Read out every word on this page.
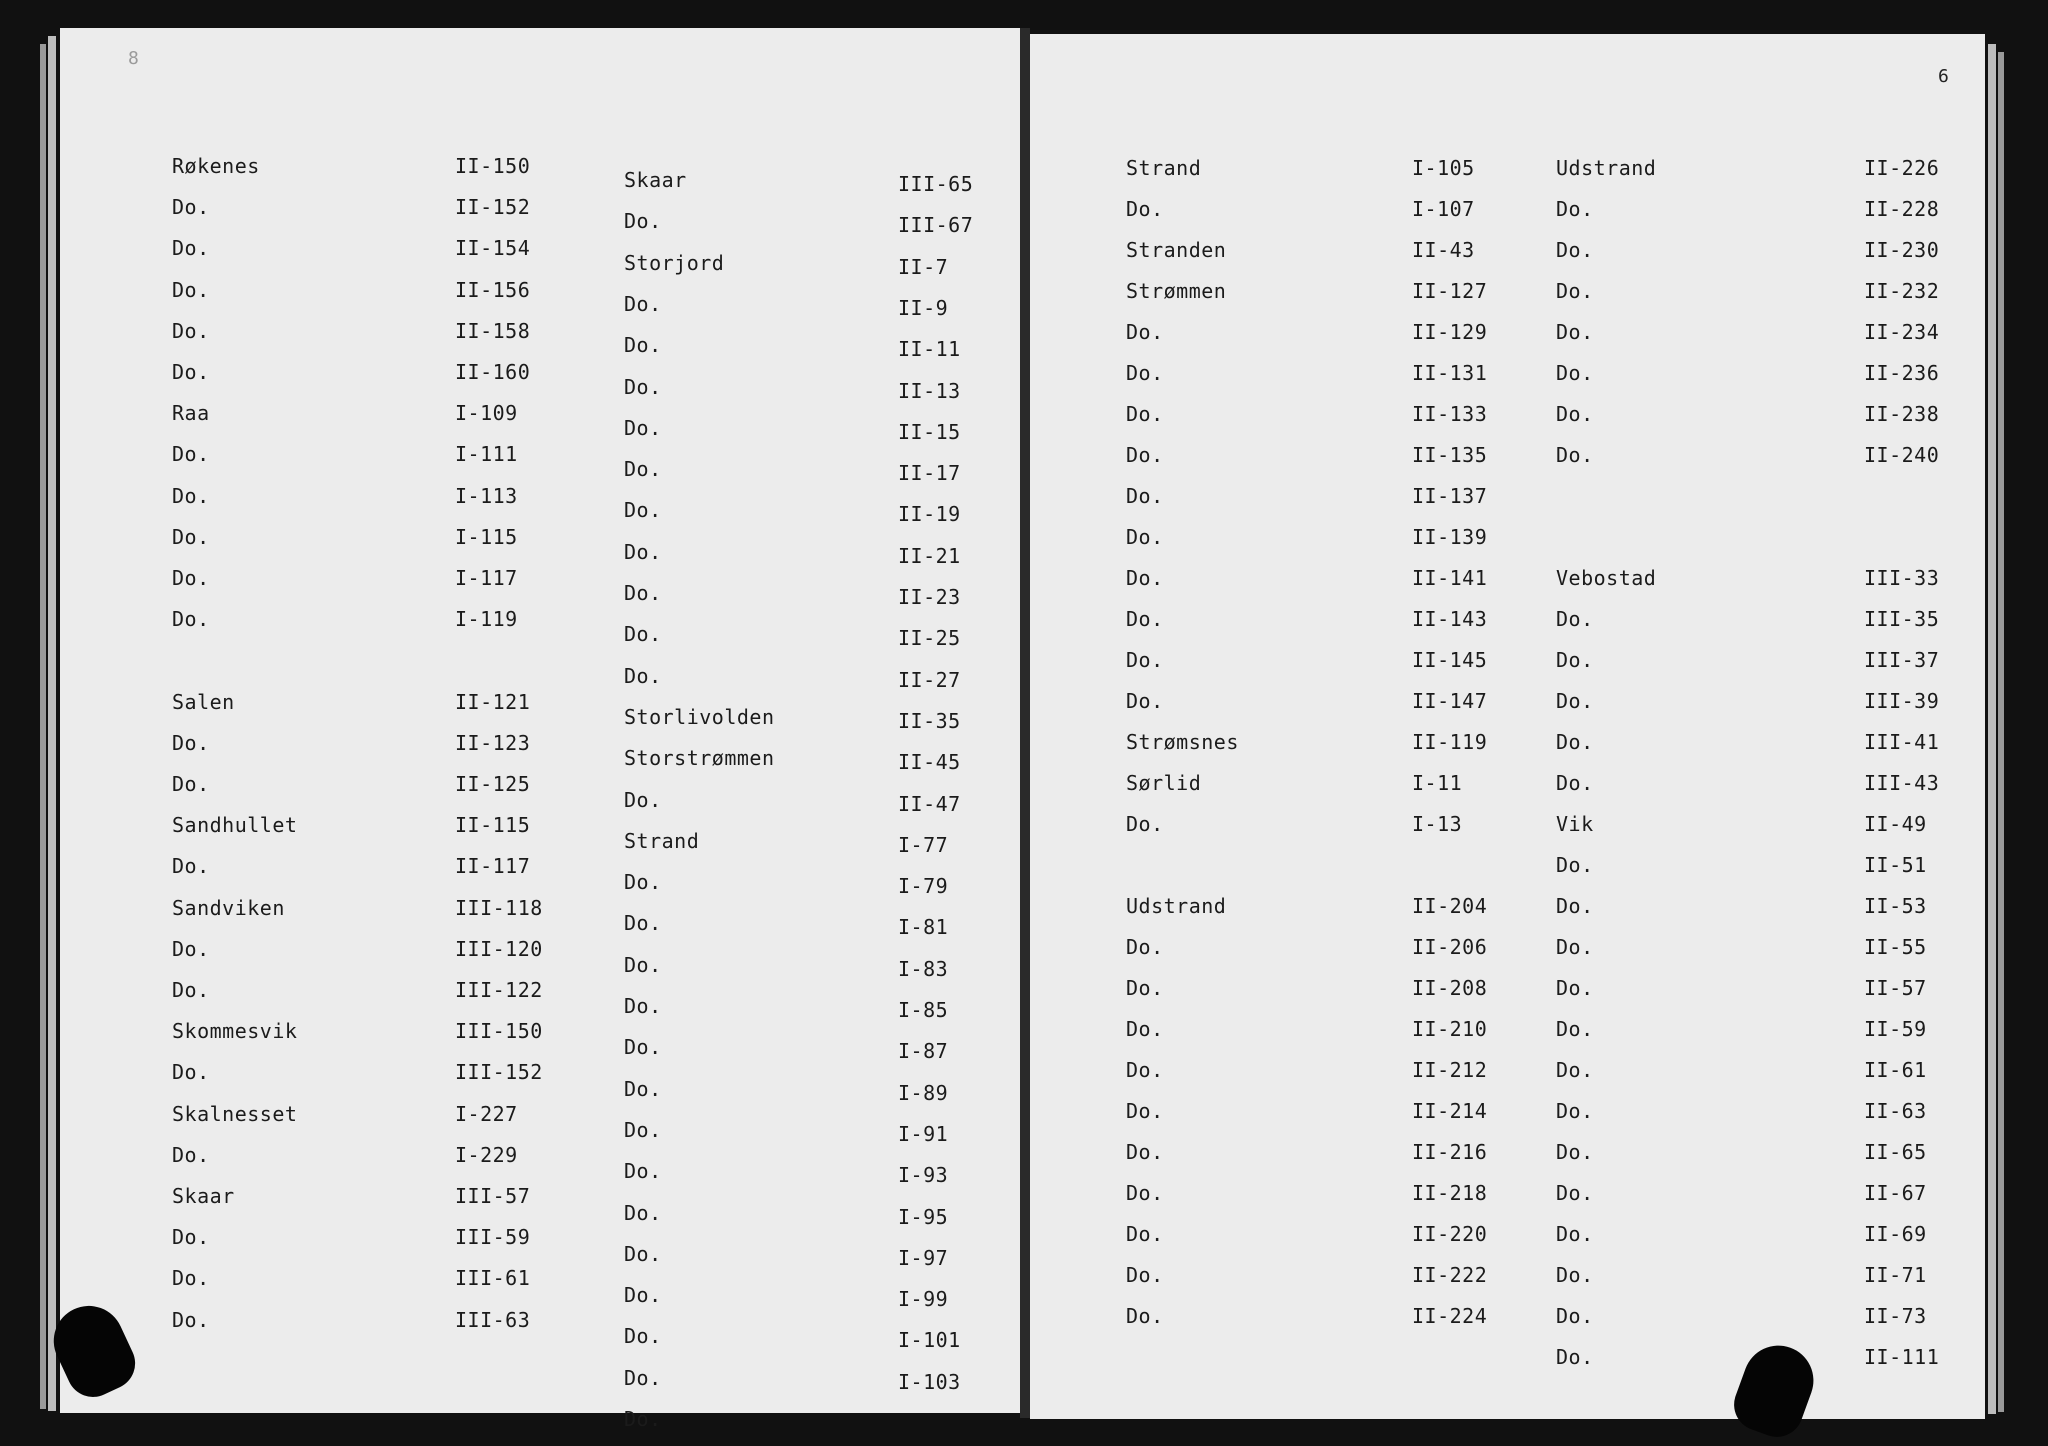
8
6
Røkenes	II-150
Do.	II-152
Do.	II-154
Do.	II-156
Do.	II-158
Do.	II-160
Raa	I-109
Do.	I-111
Do.	I-113
Do.	I-115
Do.	I-117
Do.	I-119
Salen	II-121
Do.	II-123
Do.	II-125
Sandhullet	II-115
Do.	II-117
Sandviken	III-118
Do.	III-120
Do.	III-122
Skommesvik	III-150
Do.	III-152
Skalnesset	I-227
Do.	I-229
Skaar	III-57
Do.	III-59
Do.	III-61
Do.	III-63
Skaar	III-65
Do.	III-67
Storjord	II-7
Do.	II-9
Do.	II-11
Do.	II-13
Do.	II-15
Do.	II-17
Do.	II-19
Do.	II-21
Do.	II-23
Do.	II-25
Do.	II-27
Storlivolden	II-35
Storstrømmen	II-45
Do.	II-47
Strand	I-77
Do.	I-79
Do.	I-81
Do.	I-83
Do.	I-85
Do.	I-87
Do.	I-89
Do.	I-91
Do.	I-93
Do.	I-95
Do.	I-97
Do.	I-99
Do.	I-101
Do.	I-103
Do.
Strand	I-105
Do.	I-107
Stranden	II-43
Strømmen	II-127
Do.	II-129
Do.	II-131
Do.	II-133
Do.	II-135
Do.	II-137
Do.	II-139
Do.	II-141
Do.	II-143
Do.	II-145
Do.	II-147
Strømsnes	II-119
Sørlid	I-11
Do.	I-13
Udstrand	II-204
Do.	II-206
Do.	II-208
Do.	II-210
Do.	II-212
Do.	II-214
Do.	II-216
Do.	II-218
Do.	II-220
Do.	II-222
Do.	II-224
Udstrand	II-226
Do.	II-228
Do.	II-230
Do.	II-232
Do.	II-234
Do.	II-236
Do.	II-238
Do.	II-240
Vebostad	III-33
Do.	III-35
Do.	III-37
Do.	III-39
Do.	III-41
Do.	III-43
Vik	II-49
Do.	II-51
Do.	II-53
Do.	II-55
Do.	II-57
Do.	II-59
Do.	II-61
Do.	II-63
Do.	II-65
Do.	II-67
Do.	II-69
Do.	II-71
Do.	II-73
Do.	II-111
